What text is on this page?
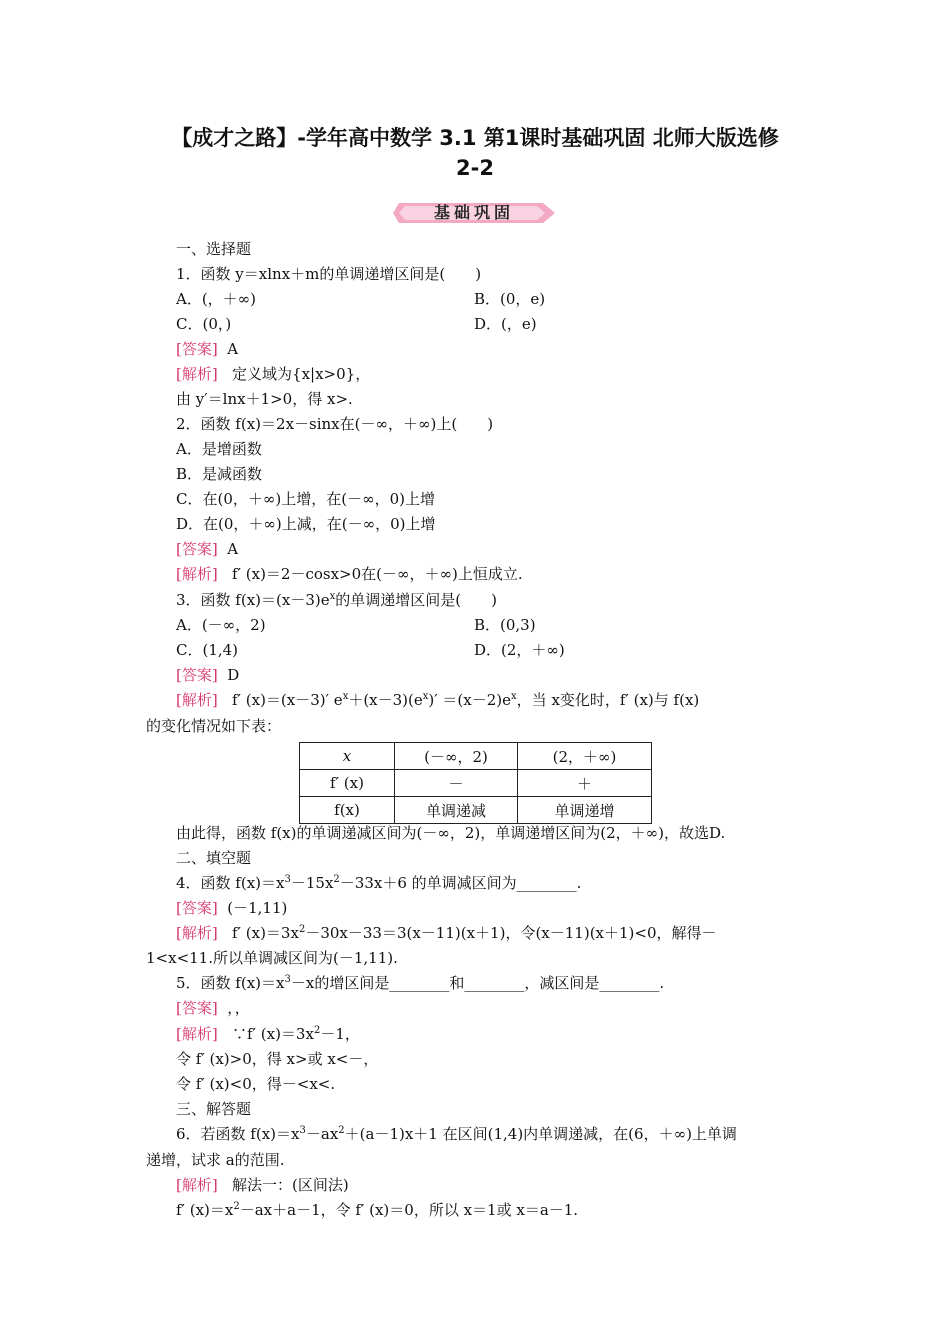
【成才之路】-学年高中数学 3.1 第1课时基础巩固 北师大版选修
2-2
基础巩固
一、选择题
1．函数 y＝xlnx＋m的单调递增区间是(　　)
A．(，＋∞)	B．(0，e)
C．(0，)	D．(，e)
[答案] A
[解析] 定义域为{x|x>0}，
由 y′＝lnx＋1>0，得 x>.
2．函数 f(x)＝2x－sinx在(－∞，＋∞)上(　　)
A．是增函数
B．是减函数
C．在(0，＋∞)上增，在(－∞，0)上增
D．在(0，＋∞)上减，在(－∞，0)上增
[答案] A
[解析] f′ (x)＝2－cosx>0在(－∞，＋∞)上恒成立.
3．函数 $f(x)=(x-3)e^x$的单调递增区间是(　　)
A．(－∞，2)	B．(0,3)
C．(1,4)	D．(2，＋∞)
[答案] D
[解析] f′ (x)＝(x－3)′ $e^x+(x-3)(e^x)' =(x-2)e^x$，当 x变化时，f′ (x)与 f(x)
的变化情况如下表：
x	(－∞，2)	(2，＋∞)
f′ (x)	－	＋
f(x)	单调递减	单调递增
由此得，函数 f(x)的单调递减区间为(－∞，2)，单调递增区间为(2，＋∞)，故选D.
二、填空题
4．函数 $f(x)=x^3-15x^2-33x+6$ 的单调减区间为________.
[答案] (－1,11)
[解析] f′ $(x)=3x^2-30x-33=3(x-11)(x+1)$，令(x－11)(x＋1)<0，解得－
1<x<11.所以单调减区间为(－1,11).
5．函数 $f(x)=x^3-x$的增区间是________和________，减区间是________.
[答案] ，，
[解析] ∵f′ $(x)=3x^2-1$，
令 f′ (x)>0，得 x>或 x<－，
令 f′ (x)<0，得－<x<.
三、解答题
6．若函数 $f(x)=x^3-ax^2+(a-1)x+1$ 在区间(1,4)内单调递减，在(6，＋∞)上单调
递增，试求 a的范围.
[解析] 解法一：(区间法)
f′ $(x)=x^2-ax+a-1$，令 f′ (x)＝0，所以 x＝1或 x＝a－1.
